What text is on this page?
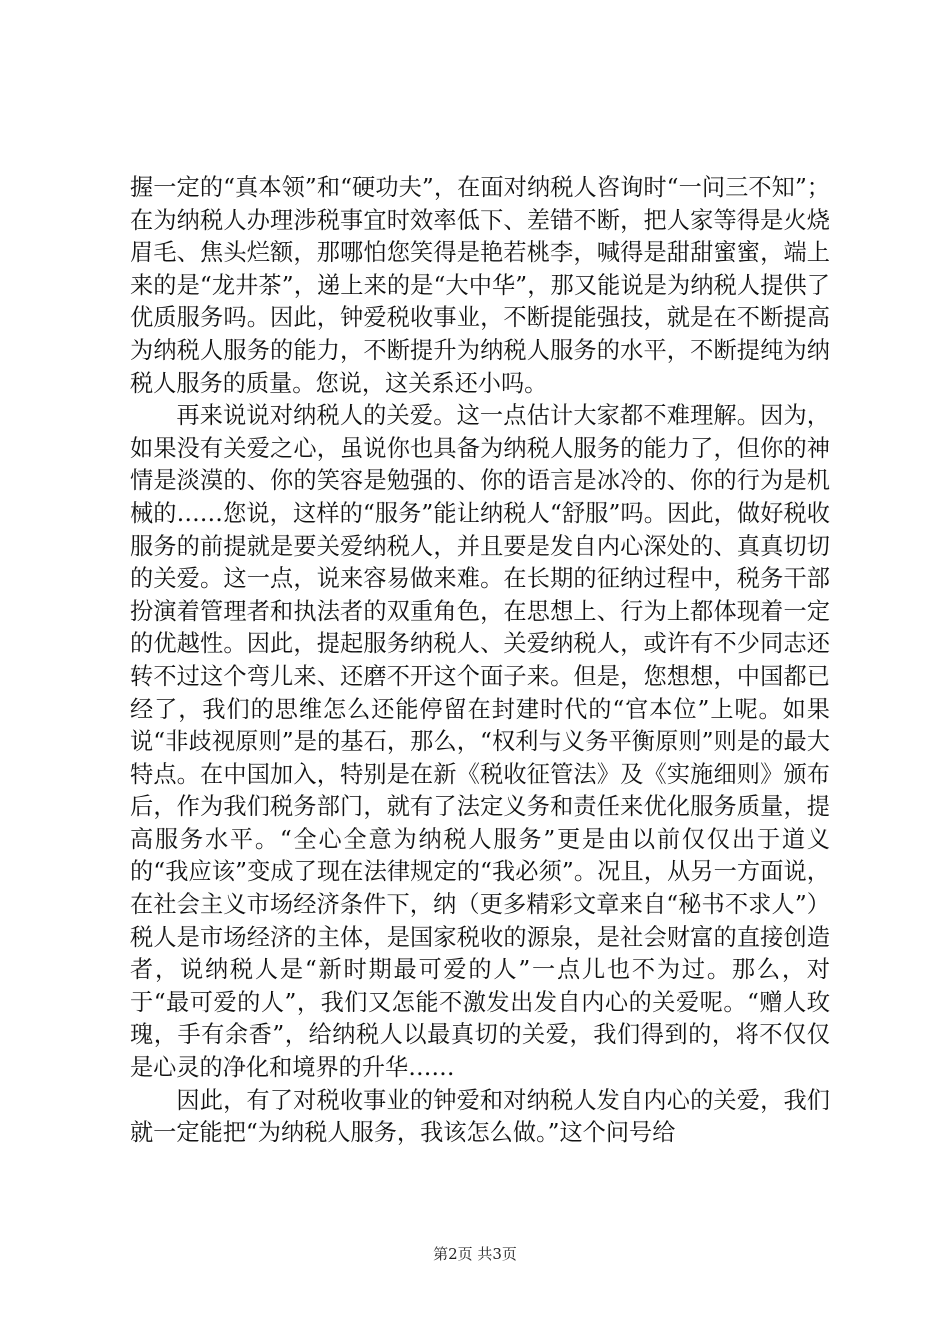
握一定的“真本领”和“硬功夫”，在面对纳税人咨询时“一问三不知”；在为纳税人办理涉税事宜时效率低下、差错不断，把人家等得是火烧眉毛、焦头烂额，那哪怕您笑得是艳若桃李，喊得是甜甜蜜蜜，端上来的是“龙井茶”，递上来的是“大中华”，那又能说是为纳税人提供了优质服务吗。因此，钟爱税收事业，不断提能强技，就是在不断提高为纳税人服务的能力，不断提升为纳税人服务的水平，不断提纯为纳税人服务的质量。您说，这关系还小吗。

再来说说对纳税人的关爱。这一点估计大家都不难理解。因为，如果没有关爱之心，虽说你也具备为纳税人服务的能力了，但你的神情是淡漠的、你的笑容是勉强的、你的语言是冰冷的、你的行为是机械的……您说，这样的“服务”能让纳税人“舒服”吗。因此，做好税收服务的前提就是要关爱纳税人，并且要是发自内心深处的、真真切切的关爱。这一点，说来容易做来难。在长期的征纳过程中，税务干部扮演着管理者和执法者的双重角色，在思想上、行为上都体现着一定的优越性。因此，提起服务纳税人、关爱纳税人，或许有不少同志还转不过这个弯儿来、还磨不开这个面子来。但是，您想想，中国都已经了，我们的思维怎么还能停留在封建时代的“官本位”上呢。如果说“非歧视原则”是的基石，那么，“权利与义务平衡原则”则是的最大特点。在中国加入，特别是在新《税收征管法》及《实施细则》颁布后，作为我们税务部门，就有了法定义务和责任来优化服务质量，提高服务水平。“全心全意为纳税人服务”更是由以前仅仅出于道义的“我应该”变成了现在法律规定的“我必须”。况且，从另一方面说，在社会主义市场经济条件下，纳（更多精彩文章来自“秘书不求人”）税人是市场经济的主体，是国家税收的源泉，是社会财富的直接创造者，说纳税人是“新时期最可爱的人”一点儿也不为过。那么，对于“最可爱的人”，我们又怎能不激发出发自内心的关爱呢。“赠人玫瑰，手有余香”，给纳税人以最真切的关爱，我们得到的，将不仅仅是心灵的净化和境界的升华……

因此，有了对税收事业的钟爱和对纳税人发自内心的关爱，我们就一定能把“为纳税人服务，我该怎么做。”这个问号给

第2页 共3页
